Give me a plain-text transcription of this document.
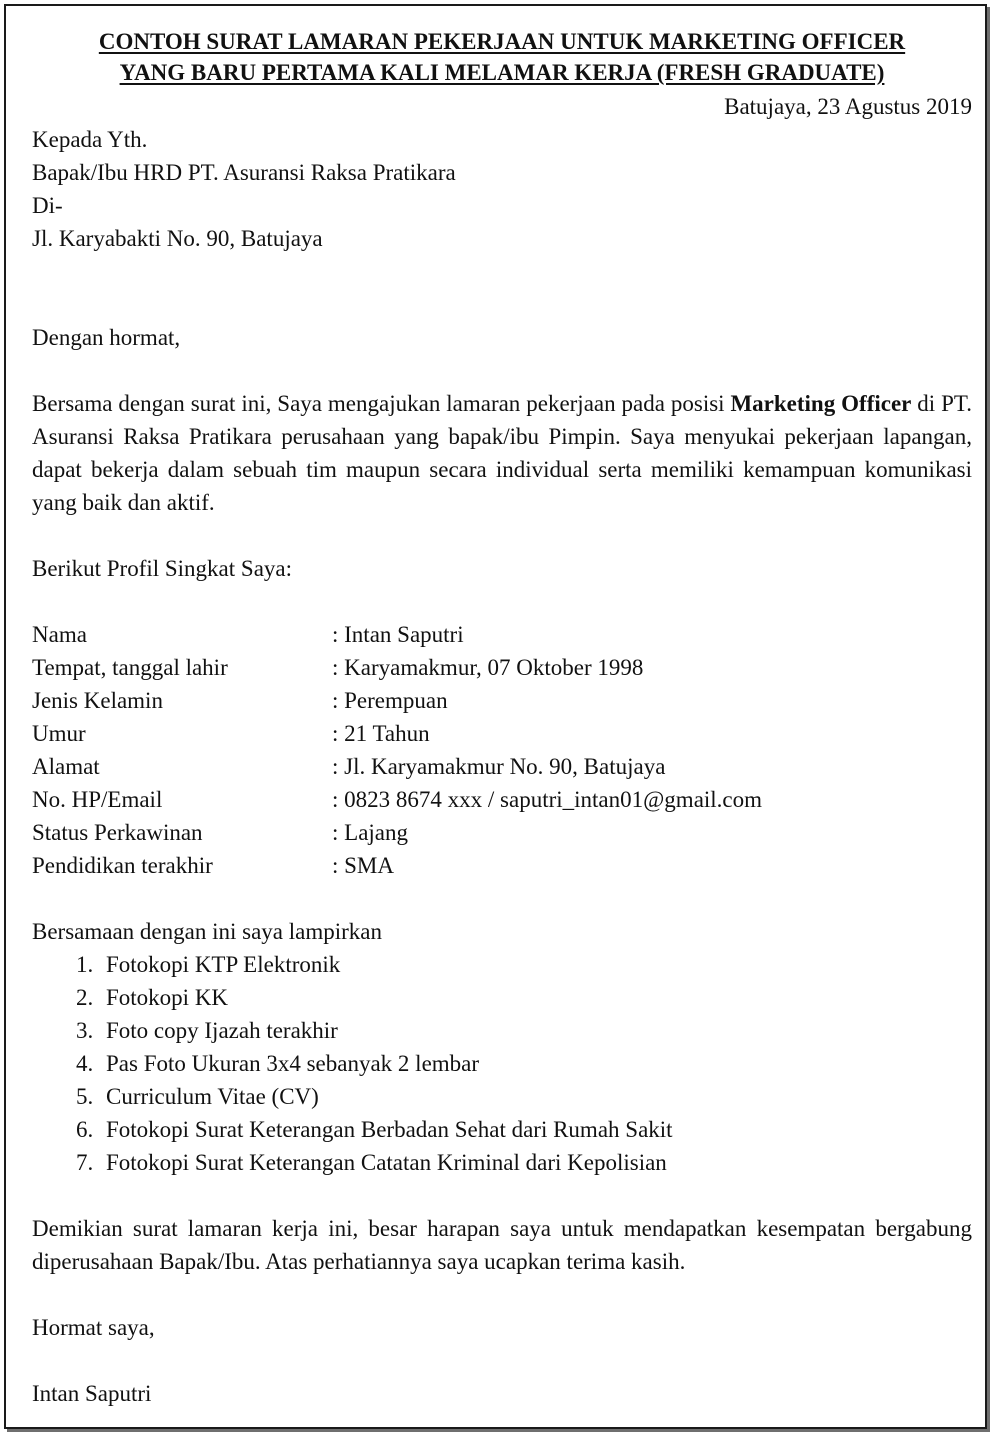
CONTOH SURAT LAMARAN PEKERJAAN UNTUK MARKETING OFFICER
YANG BARU PERTAMA KALI MELAMAR KERJA (FRESH GRADUATE)
Batujaya, 23 Agustus 2019
Kepada Yth.
Bapak/Ibu HRD PT. Asuransi Raksa Pratikara
Di-
Jl. Karyabakti No. 90, Batujaya
Dengan hormat,

Bersama dengan surat ini, Saya mengajukan lamaran pekerjaan pada posisi Marketing Officer di PT. Asuransi Raksa Pratikara perusahaan yang bapak/ibu Pimpin. Saya menyukai pekerjaan lapangan, dapat bekerja dalam sebuah tim maupun secara individual serta memiliki kemampuan komunikasi yang baik dan aktif.

Berikut Profil Singkat Saya:
Nama	: Intan Saputri
Tempat, tanggal lahir	: Karyamakmur, 07 Oktober 1998
Jenis Kelamin	: Perempuan
Umur	: 21 Tahun
Alamat	: Jl. Karyamakmur No. 90, Batujaya
No. HP/Email	: 0823 8674 xxx / saputri_intan01@gmail.com
Status Perkawinan	: Lajang
Pendidikan terakhir	: SMA
Bersamaan dengan ini saya lampirkan
1. Fotokopi KTP Elektronik
2. Fotokopi KK
3. Foto copy Ijazah terakhir
4. Pas Foto Ukuran 3x4 sebanyak 2 lembar
5. Curriculum Vitae (CV)
6. Fotokopi Surat Keterangan Berbadan Sehat dari Rumah Sakit
7. Fotokopi Surat Keterangan Catatan Kriminal dari Kepolisian

Demikian surat lamaran kerja ini, besar harapan saya untuk mendapatkan kesempatan bergabung diperusahaan Bapak/Ibu. Atas perhatiannya saya ucapkan terima kasih.

Hormat saya,
Intan Saputri
